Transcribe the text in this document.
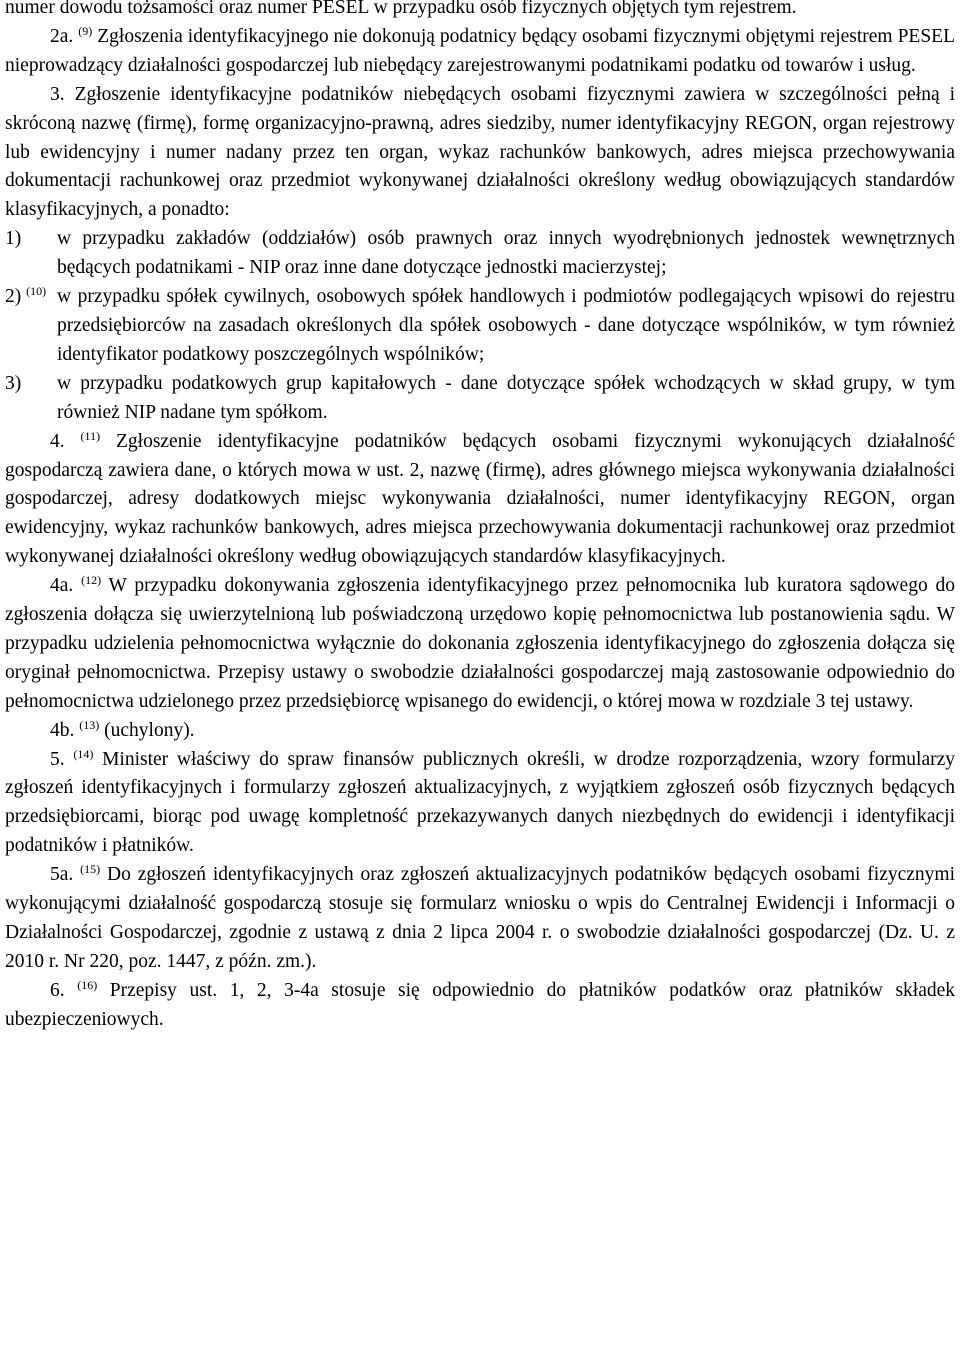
numer dowodu tożsamości oraz numer PESEL w przypadku osób fizycznych objętych tym rejestrem.

2a. $^{(9)}$ Zgłoszenia identyfikacyjnego nie dokonują podatnicy będący osobami fizycznymi objętymi rejestrem PESEL nieprowadzący działalności gospodarczej lub niebędący zarejestrowanymi podatnikami podatku od towarów i usług.

3. Zgłoszenie identyfikacyjne podatników niebędących osobami fizycznymi zawiera w szczególności pełną i skróconą nazwę (firmę), formę organizacyjno-prawną, adres siedziby, numer identyfikacyjny REGON, organ rejestrowy lub ewidencyjny i numer nadany przez ten organ, wykaz rachunków bankowych, adres miejsca przechowywania dokumentacji rachunkowej oraz przedmiot wykonywanej działalności określony według obowiązujących standardów klasyfikacyjnych, a ponadto:

1)	w przypadku zakładów (oddziałów) osób prawnych oraz innych wyodrębnionych jednostek wewnętrznych będących podatnikami - NIP oraz inne dane dotyczące jednostki macierzystej;
2) $^{(10)}$ w przypadku spółek cywilnych, osobowych spółek handlowych i podmiotów podlegających wpisowi do rejestru przedsiębiorców na zasadach określonych dla spółek osobowych - dane dotyczące wspólników, w tym również identyfikator podatkowy poszczególnych wspólników;
3)	w przypadku podatkowych grup kapitałowych - dane dotyczące spółek wchodzących w skład grupy, w tym również NIP nadane tym spółkom.

4. $^{(11)}$ Zgłoszenie identyfikacyjne podatników będących osobami fizycznymi wykonujących działalność gospodarczą zawiera dane, o których mowa w ust. 2, nazwę (firmę), adres głównego miejsca wykonywania działalności gospodarczej, adresy dodatkowych miejsc wykonywania działalności, numer identyfikacyjny REGON, organ ewidencyjny, wykaz rachunków bankowych, adres miejsca przechowywania dokumentacji rachunkowej oraz przedmiot wykonywanej działalności określony według obowiązujących standardów klasyfikacyjnych.

4a. $^{(12)}$ W przypadku dokonywania zgłoszenia identyfikacyjnego przez pełnomocnika lub kuratora sądowego do zgłoszenia dołącza się uwierzytelnioną lub poświadczoną urzędowo kopię pełnomocnictwa lub postanowienia sądu. W przypadku udzielenia pełnomocnictwa wyłącznie do dokonania zgłoszenia identyfikacyjnego do zgłoszenia dołącza się oryginał pełnomocnictwa. Przepisy ustawy o swobodzie działalności gospodarczej mają zastosowanie odpowiednio do pełnomocnictwa udzielonego przez przedsiębiorcę wpisanego do ewidencji, o której mowa w rozdziale 3 tej ustawy.

4b. $^{(13)}$ (uchylony).

5. $^{(14)}$ Minister właściwy do spraw finansów publicznych określi, w drodze rozporządzenia, wzory formularzy zgłoszeń identyfikacyjnych i formularzy zgłoszeń aktualizacyjnych, z wyjątkiem zgłoszeń osób fizycznych będących przedsiębiorcami, biorąc pod uwagę kompletność przekazywanych danych niezbędnych do ewidencji i identyfikacji podatników i płatników.

5a. $^{(15)}$ Do zgłoszeń identyfikacyjnych oraz zgłoszeń aktualizacyjnych podatników będących osobami fizycznymi wykonującymi działalność gospodarczą stosuje się formularz wniosku o wpis do Centralnej Ewidencji i Informacji o Działalności Gospodarczej, zgodnie z ustawą z dnia 2 lipca 2004 r. o swobodzie działalności gospodarczej (Dz. U. z 2010 r. Nr 220, poz. 1447, z późn. zm.).

6. $^{(16)}$ Przepisy ust. 1, 2, 3-4a stosuje się odpowiednio do płatników podatków oraz płatników składek ubezpieczeniowych.
